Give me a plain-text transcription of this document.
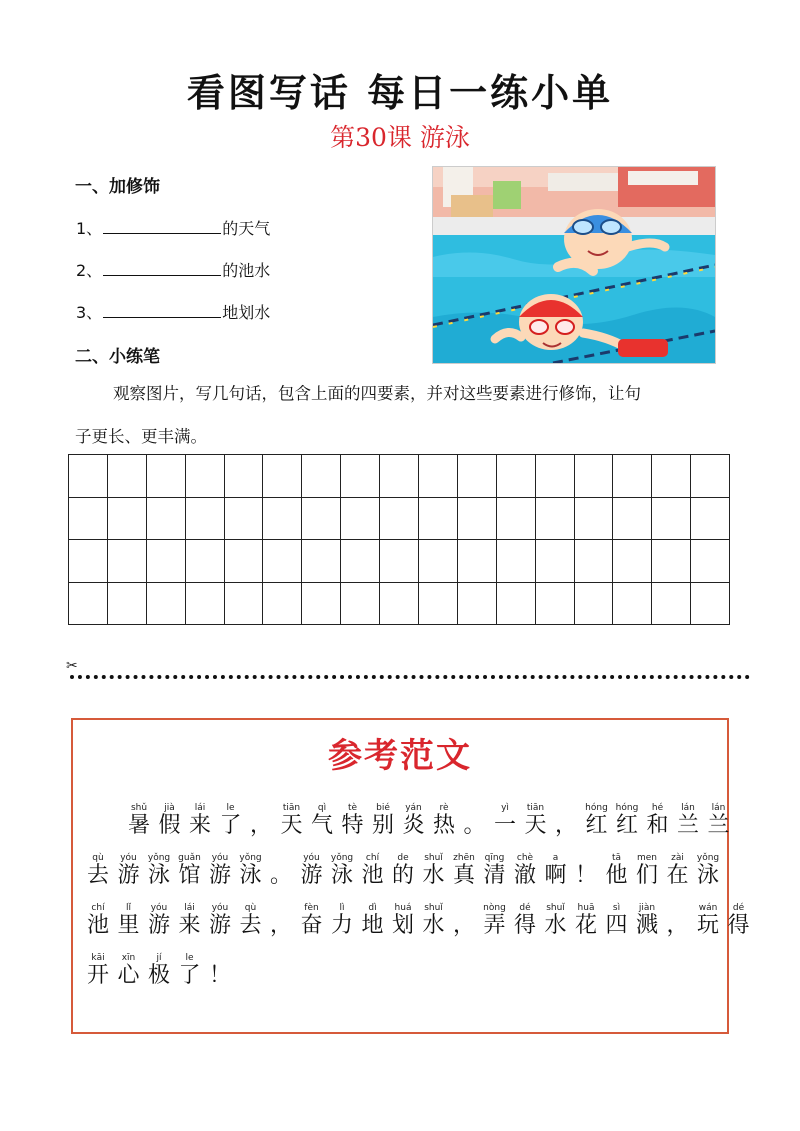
看图写话 每日一练小单
第30课 游泳
一、加修饰
1、	的天气
2、	的池水
3、	地划水
二、小练笔
观察图片，写几句话，包含上面的四要素，并对这些要素进行修饰，让句
子更长、更丰满。
✂
参考范文
shǔ
暑
jià
假
lái
来
le
了 ，
tiān
天
qì
气
tè
特
bié
别
yán
炎
rè
热 。
yì
一
tiān
天 ，
hóng
红
hóng
红
hé
和
lán
兰
lán
兰
qù
去
yóu
游
yǒng
泳
guǎn
馆
yóu
游
yǒng
泳 。
yóu
游
yǒng
泳
chí
池
de
的
shuǐ
水
zhēn
真
qīng
清
chè
澈
a
啊 ！
tā
他
men
们
zài
在
yǒng
泳
chí
池
lǐ
里
yóu
游
lái
来
yóu
游
qù
去 ，
fèn
奋
lì
力
dì
地
huá
划
shuǐ
水 ，
nòng
弄
dé
得
shuǐ
水
huā
花
sì
四
jiàn
溅 ，
wán
玩
dé
得
kāi
开
xīn
心
jí
极
le
了 ！
